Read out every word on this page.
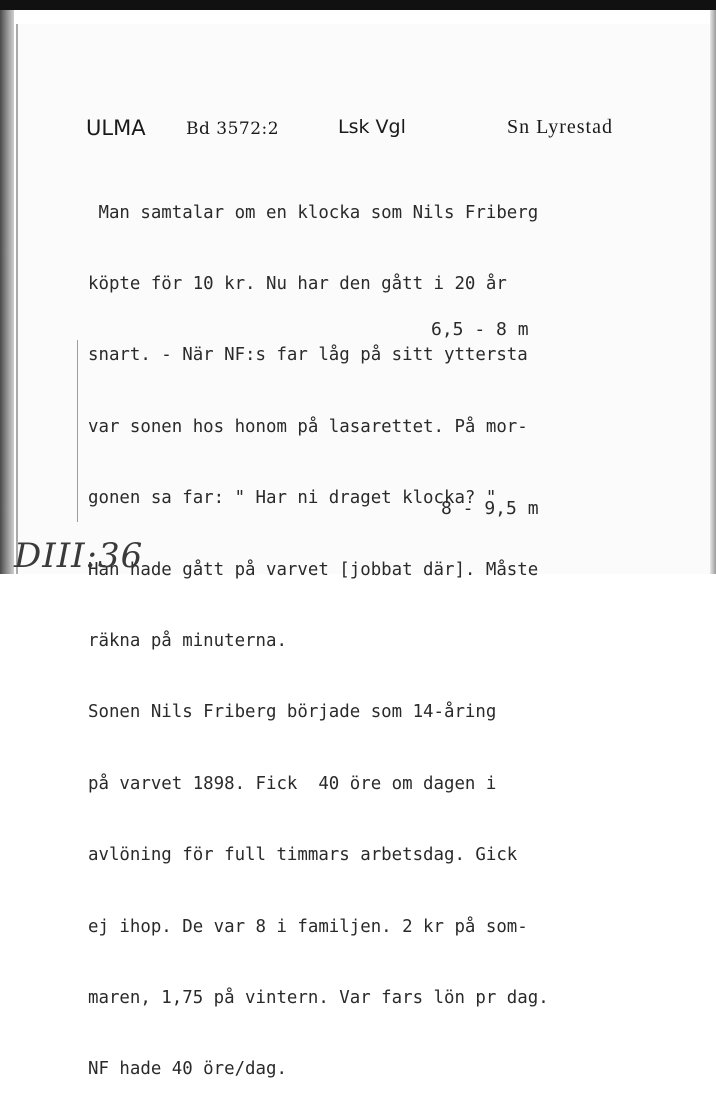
ULMA Bd 3572:2	Lsk Vgl	Sn Lyrestad

Man samtalar om en klocka som Nils Friberg

köpte för 10 kr. Nu har den gått i 20 år

snart. - När NF:s far låg på sitt yttersta

var sonen hos honom på lasarettet. På mor-

gonen sa far: " Har ni draget klocka? "

Han hade gått på varvet [jobbat där]. Måste

räkna på minuterna.

Sonen Nils Friberg började som 14-åring

på varvet 1898. Fick  40 öre om dagen i

avlöning för full timmars arbetsdag. Gick

ej ihop. De var 8 i familjen. 2 kr på som-

maren, 1,75 på vintern. Var fars lön pr dag.

NF hade 40 öre/dag.

6,5 - 8 m
8 - 9,5 m
DIII:36
